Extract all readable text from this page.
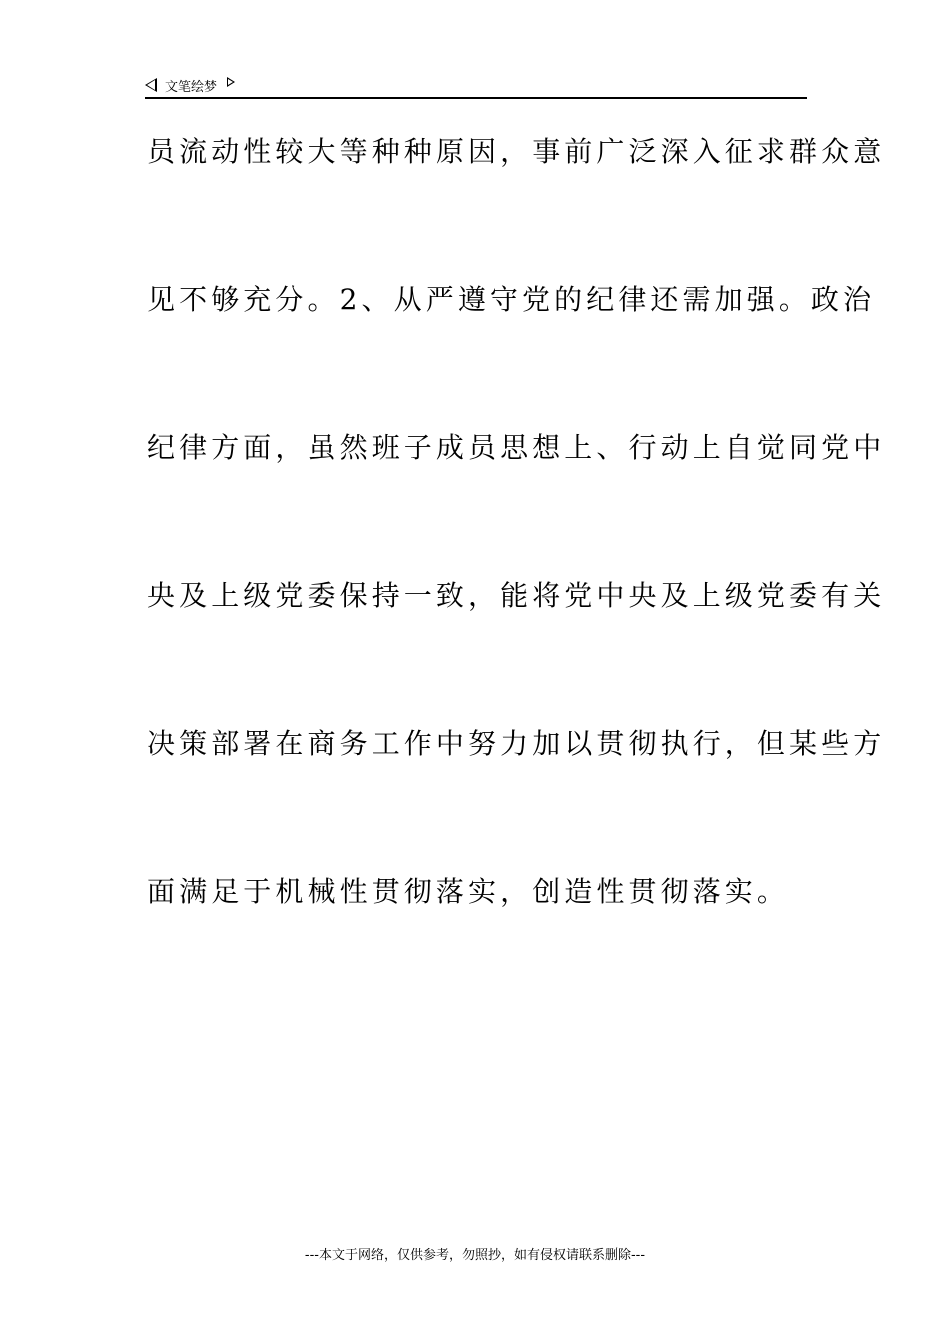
文笔绘梦
员流动性较大等种种原因，事前广泛深入征求群众意
见不够充分。2、从严遵守党的纪律还需加强。政治
纪律方面，虽然班子成员思想上、行动上自觉同党中
央及上级党委保持一致，能将党中央及上级党委有关
决策部署在商务工作中努力加以贯彻执行，但某些方
面满足于机械性贯彻落实，创造性贯彻落实。
---本文于网络，仅供参考，勿照抄，如有侵权请联系删除---
